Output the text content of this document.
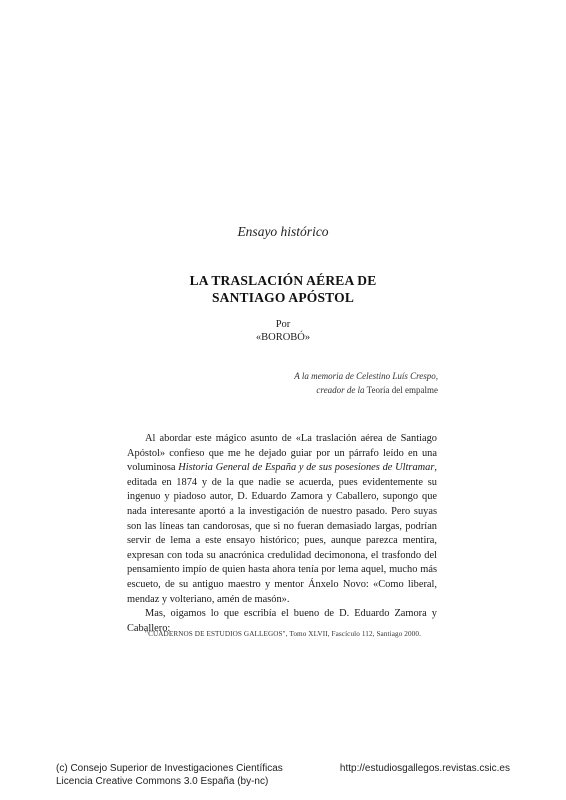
Ensayo histórico
LA TRASLACIÓN AÉREA DE
SANTIAGO APÓSTOL
Por
«BOROBÓ»
A la memoria de Celestino Luís Crespo,
creador de la Teoría del empalme

Al abordar este mágico asunto de «La traslación aérea de Santiago Apóstol» confieso que me he dejado guiar por un párrafo leído en una voluminosa Historia General de España y de sus posesiones de Ultramar, editada en 1874 y de la que nadie se acuerda, pues evidentemente su ingenuo y piadoso autor, D. Eduardo Zamora y Caballero, supongo que nada interesante aportó a la investigación de nuestro pasado. Pero suyas son las líneas tan candorosas, que si no fueran demasiado largas, podrían servir de lema a este ensayo histórico; pues, aunque parezca mentira, expresan con toda su anacrónica credulidad decimonona, el trasfondo del pensamiento impío de quien hasta ahora tenía por lema aquel, mucho más escueto, de su antiguo maestro y mentor Ánxelo Novo: «Como liberal, mendaz y volteriano, amén de masón».

Mas, oigamos lo que escribía el bueno de D. Eduardo Zamora y Caballero:

"CUADERNOS DE ESTUDIOS GALLEGOS", Tomo XLVII, Fascículo 112, Santiago 2000.
(c) Consejo Superior de Investigaciones Científicas
Licencia Creative Commons 3.0 España (by-nc)
http://estudiosgallegos.revistas.csic.es
